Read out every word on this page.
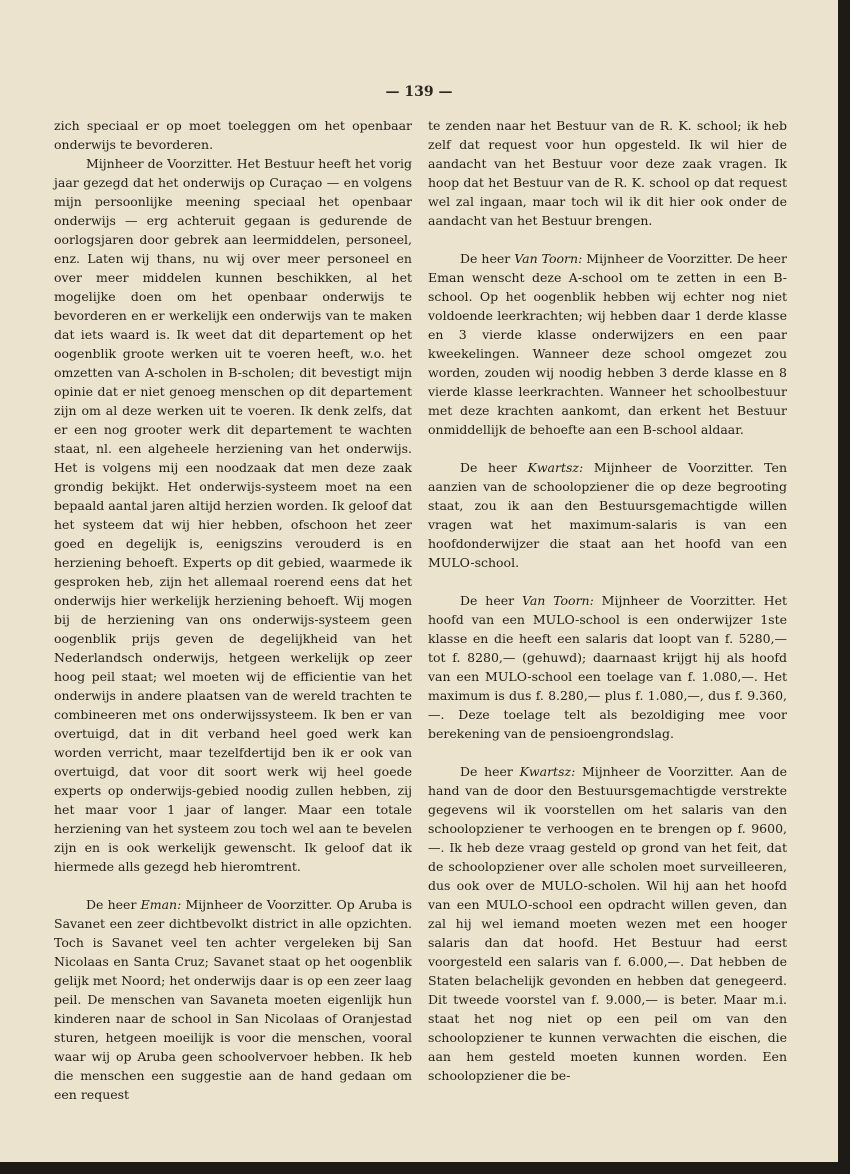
— 139 —

zich speciaal er op moet toeleggen om het openbaar onderwijs te bevorderen.

Mijnheer de Voorzitter. Het Bestuur heeft het vorig jaar gezegd dat het onderwijs op Curaçao — en volgens mijn persoonlijke meening speciaal het openbaar onderwijs — erg achteruit gegaan is gedurende de oorlogsjaren door gebrek aan leermiddelen, personeel, enz. Laten wij thans, nu wij over meer personeel en over meer middelen kunnen beschikken, al het mogelijke doen om het openbaar onderwijs te bevorderen en er werkelijk een onderwijs van te maken dat iets waard is. Ik weet dat dit departement op het oogenblik groote werken uit te voeren heeft, w.o. het omzetten van A-scholen in B-scholen; dit bevestigt mijn opinie dat er niet genoeg menschen op dit departement zijn om al deze werken uit te voeren. Ik denk zelfs, dat er een nog grooter werk dit departement te wachten staat, nl. een algeheele herziening van het onderwijs. Het is volgens mij een noodzaak dat men deze zaak grondig bekijkt. Het onderwijs-systeem moet na een bepaald aantal jaren altijd herzien worden. Ik geloof dat het systeem dat wij hier hebben, ofschoon het zeer goed en degelijk is, eenigszins verouderd is en herziening behoeft. Experts op dit gebied, waarmede ik gesproken heb, zijn het allemaal roerend eens dat het onderwijs hier werkelijk herziening behoeft. Wij mogen bij de herziening van ons onderwijs-systeem geen oogenblik prijs geven de degelijkheid van het Nederlandsch onderwijs, hetgeen werkelijk op zeer hoog peil staat; wel moeten wij de efficientie van het onderwijs in andere plaatsen van de wereld trachten te combineeren met ons onderwijssysteem. Ik ben er van overtuigd, dat in dit verband heel goed werk kan worden verricht, maar tezelfdertijd ben ik er ook van overtuigd, dat voor dit soort werk wij heel goede experts op onderwijs-gebied noodig zullen hebben, zij het maar voor 1 jaar of langer. Maar een totale herziening van het systeem zou toch wel aan te bevelen zijn en is ook werkelijk gewenscht. Ik geloof dat ik hiermede alls gezegd heb hieromtrent.

De heer Eman: Mijnheer de Voorzitter. Op Aruba is Savanet een zeer dichtbevolkt district in alle opzichten. Toch is Savanet veel ten achter vergeleken bij San Nicolaas en Santa Cruz; Savanet staat op het oogenblik gelijk met Noord; het onderwijs daar is op een zeer laag peil. De menschen van Savaneta moeten eigenlijk hun kinderen naar de school in San Nicolaas of Oranjestad sturen, hetgeen moeilijk is voor die menschen, vooral waar wij op Aruba geen schoolvervoer hebben. Ik heb die menschen een suggestie aan de hand gedaan om een request

te zenden naar het Bestuur van de R. K. school; ik heb zelf dat request voor hun opgesteld. Ik wil hier de aandacht van het Bestuur voor deze zaak vragen. Ik hoop dat het Bestuur van de R. K. school op dat request wel zal ingaan, maar toch wil ik dit hier ook onder de aandacht van het Bestuur brengen.

De heer Van Toorn: Mijnheer de Voorzitter. De heer Eman wenscht deze A-school om te zetten in een B-school. Op het oogenblik hebben wij echter nog niet voldoende leerkrachten; wij hebben daar 1 derde klasse en 3 vierde klasse onderwijzers en een paar kweekelingen. Wanneer deze school omgezet zou worden, zouden wij noodig hebben 3 derde klasse en 8 vierde klasse leerkrachten. Wanneer het schoolbestuur met deze krachten aankomt, dan erkent het Bestuur onmiddellijk de behoefte aan een B-school aldaar.

De heer Kwartsz: Mijnheer de Voorzitter. Ten aanzien van de schoolopziener die op deze begrooting staat, zou ik aan den Bestuursgemachtigde willen vragen wat het maximum-salaris is van een hoofdonderwijzer die staat aan het hoofd van een MULO-school.

De heer Van Toorn: Mijnheer de Voorzitter. Het hoofd van een MULO-school is een onderwijzer 1ste klasse en die heeft een salaris dat loopt van f. 5280,— tot f. 8280,— (gehuwd); daarnaast krijgt hij als hoofd van een MULO-school een toelage van f. 1.080,—. Het maximum is dus f. 8.280,— plus f. 1.080,—, dus f. 9.360,—. Deze toelage telt als bezoldiging mee voor berekening van de pensioengrondslag.

De heer Kwartsz: Mijnheer de Voorzitter. Aan de hand van de door den Bestuursgemachtigde verstrekte gegevens wil ik voorstellen om het salaris van den schoolopziener te verhoogen en te brengen op f. 9600,—. Ik heb deze vraag gesteld op grond van het feit, dat de schoolopziener over alle scholen moet surveilleeren, dus ook over de MULO-scholen. Wil hij aan het hoofd van een MULO-school een opdracht willen geven, dan zal hij wel iemand moeten wezen met een hooger salaris dan dat hoofd. Het Bestuur had eerst voorgesteld een salaris van f. 6.000,—. Dat hebben de Staten belachelijk gevonden en hebben dat genegeerd. Dit tweede voorstel van f. 9.000,— is beter. Maar m.i. staat het nog niet op een peil om van den schoolopziener te kunnen verwachten die eischen, die aan hem gesteld moeten kunnen worden. Een schoolopziener die be-
